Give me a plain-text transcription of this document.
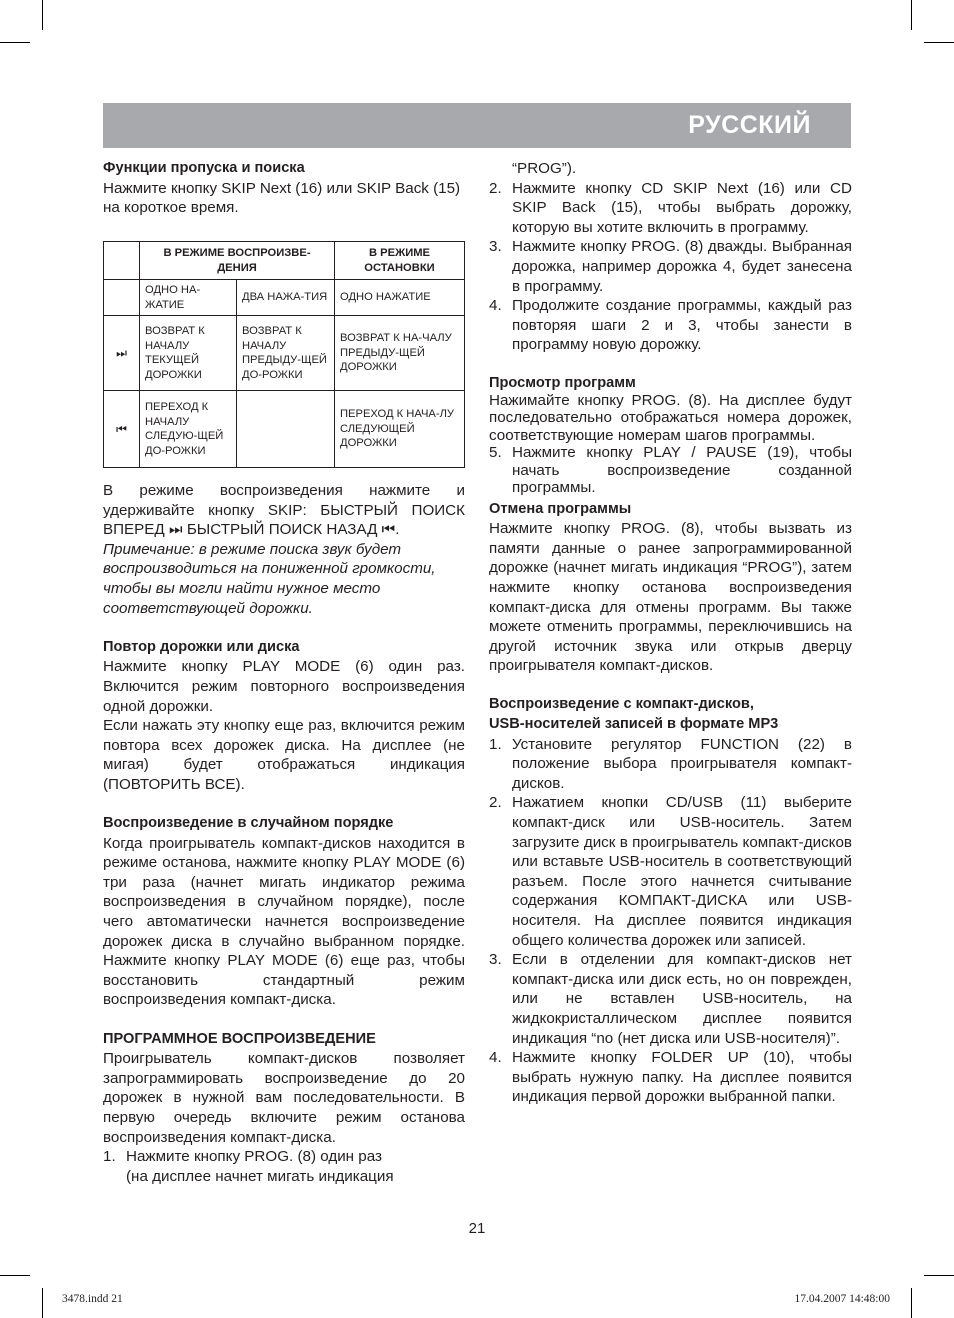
РУССКИЙ

Функции пропуска и поиска

Нажмите кнопку SKIP Next (16) или SKIP Back (15) на короткое время.

	В РЕЖИМЕ ВОСПРОИЗВЕ-ДЕНИЯ		В РЕЖИМЕ ОСТАНОВКИ
	ОДНО НА-ЖАТИЕ	ДВА НАЖА-ТИЯ	ОДНО НАЖАТИЕ
⏭	ВОЗВРАТ К НАЧАЛУ ТЕКУЩЕЙ ДОРОЖКИ	ВОЗВРАТ К НАЧАЛУ ПРЕДЫДУ-ЩЕЙ ДО-РОЖКИ	ВОЗВРАТ К НА-ЧАЛУ ПРЕДЫДУ-ЩЕЙ ДОРОЖКИ
⏮	ПЕРЕХОД К НАЧАЛУ СЛЕДУЮ-ЩЕЙ ДО-РОЖКИ		ПЕРЕХОД К НАЧА-ЛУ СЛЕДУЮЩЕЙ ДОРОЖКИ

В режиме воспроизведения нажмите и удерживайте кнопку SKIP: БЫСТРЫЙ ПОИСК ВПЕРЕД ⏭ БЫСТРЫЙ ПОИСК НАЗАД ⏮.

Примечание: в режиме поиска звук будет воспроизводиться на пониженной громкости, чтобы вы могли найти нужное место соответствующей дорожки.

Повтор дорожки или диска

Нажмите кнопку PLAY MODE (6) один раз. Включится режим повторного воспроизведения одной дорожки.

Если нажать эту кнопку еще раз, включится режим повтора всех дорожек диска. На дисплее (не мигая) будет отображаться индикация (ПОВТОРИТЬ ВСЕ).

Воспроизведение в случайном порядке

Когда проигрыватель компакт-дисков находится в режиме останова, нажмите кнопку PLAY MODE (6) три раза (начнет мигать индикатор режима воспроизведения в случайном порядке), после чего автоматически начнется воспроизведение дорожек диска в случайно выбранном порядке. Нажмите кнопку PLAY MODE (6) еще раз, чтобы восстановить стандартный режим воспроизведения компакт-диска.

ПРОГРАММНОЕ ВОСПРОИЗВЕДЕНИЕ

Проигрыватель компакт-дисков позволяет запрограммировать воспроизведение до 20 дорожек в нужной вам последовательности. В первую очередь включите режим останова воспроизведения компакт-диска.

1. Нажмите кнопку PROG. (8) один раз

(на дисплее начнет мигать индикация

“PROG”).

2. Нажмите кнопку CD SKIP Next (16) или CD SKIP Back (15), чтобы выбрать дорожку, которую вы хотите включить в программу.
3. Нажмите кнопку PROG. (8) дважды. Выбранная дорожка, например дорожка 4, будет занесена в программу.
4. Продолжите создание программы, каждый раз повторяя шаги 2 и 3, чтобы занести в программу новую дорожку.

Просмотр программ

Нажимайте кнопку PROG. (8). На дисплее будут последовательно отображаться номера дорожек, соответствующие номерам шагов программы.

5. Нажмите кнопку PLAY / PAUSE (19), чтобы начать воспроизведение созданной программы.

Отмена программы

Нажмите кнопку PROG. (8), чтобы вызвать из памяти данные о ранее запрограммированной дорожке (начнет мигать индикация “PROG”), затем нажмите кнопку останова воспроизведения компакт-диска для отмены программ. Вы также можете отменить программы, переключившись на другой источник звука или открыв дверцу проигрывателя компакт-дисков.

Воспроизведение с компакт-дисков,

USB-носителей записей в формате MP3

1. Установите регулятор FUNCTION (22) в положение выбора проигрывателя компакт-дисков.
2. Нажатием кнопки CD/USB (11) выберите компакт-диск или USB-носитель. Затем загрузите диск в проигрыватель компакт-дисков или вставьте USB-носитель в соответствующий разъем. После этого начнется считывание содержания КОМПАКТ-ДИСКА или USB-носителя. На дисплее появится индикация общего количества дорожек или записей.
3. Если в отделении для компакт-дисков нет компакт-диска или диск есть, но он поврежден, или не вставлен USB-носитель, на жидкокристаллическом дисплее появится индикация “no (нет диска или USB-носителя)”.
4. Нажмите кнопку FOLDER UP (10), чтобы выбрать нужную папку. На дисплее появится индикация первой дорожки выбранной папки.
21
3478.indd 21	17.04.2007 14:48:00
